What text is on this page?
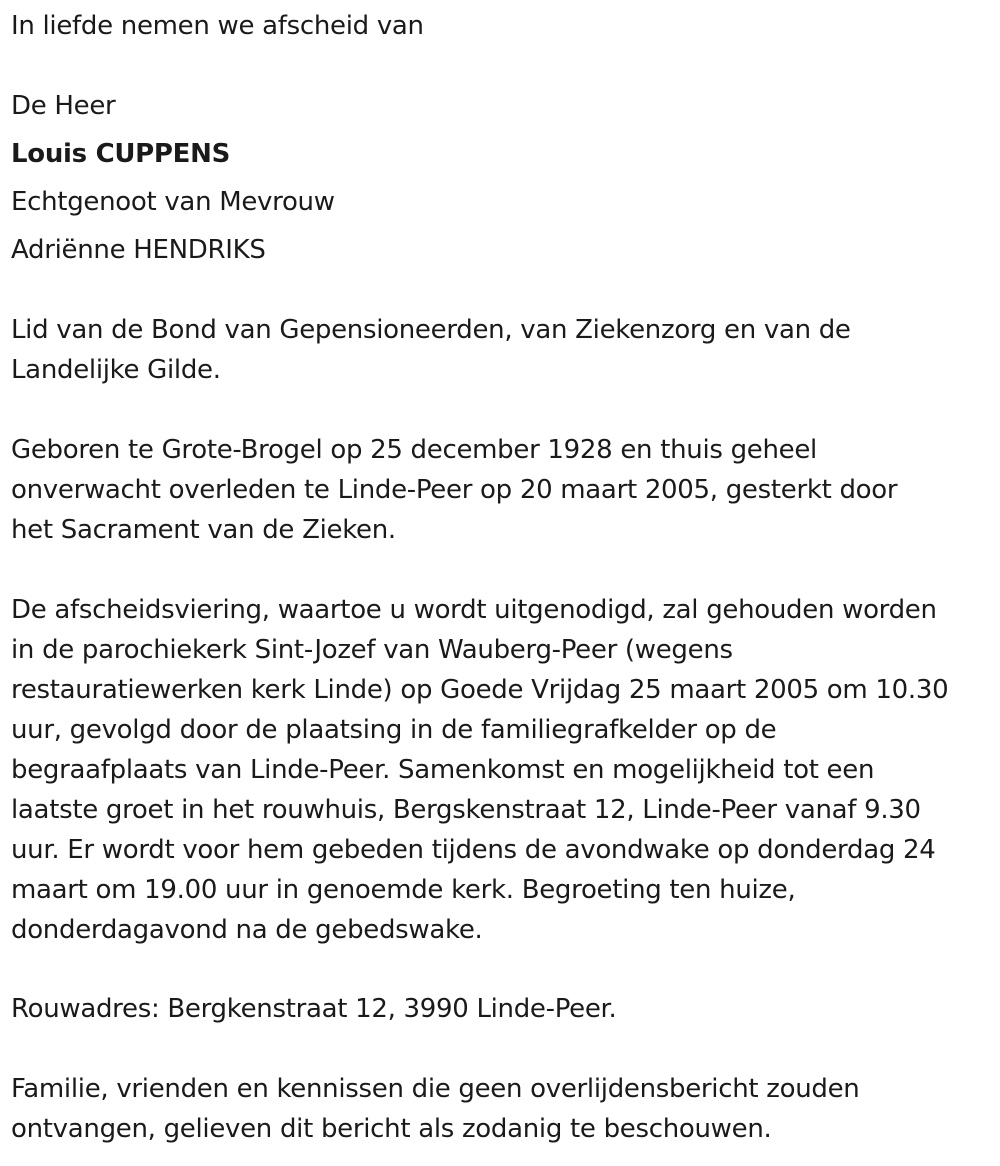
In liefde nemen we afscheid van

De Heer

Louis CUPPENS

Echtgenoot van Mevrouw

Adriënne HENDRIKS

Lid van de Bond van Gepensioneerden, van Ziekenzorg en van de
Landelijke Gilde.

Geboren te Grote-Brogel op 25 december 1928 en thuis geheel
onverwacht overleden te Linde-Peer op 20 maart 2005, gesterkt door
het Sacrament van de Zieken.

De afscheidsviering, waartoe u wordt uitgenodigd, zal gehouden worden
in de parochiekerk Sint-Jozef van Wauberg-Peer (wegens
restauratiewerken kerk Linde) op Goede Vrijdag 25 maart 2005 om 10.30
uur, gevolgd door de plaatsing in de familiegrafkelder op de
begraafplaats van Linde-Peer. Samenkomst en mogelijkheid tot een
laatste groet in het rouwhuis, Bergskenstraat 12, Linde-Peer vanaf 9.30
uur. Er wordt voor hem gebeden tijdens de avondwake op donderdag 24
maart om 19.00 uur in genoemde kerk. Begroeting ten huize,
donderdagavond na de gebedswake.

Rouwadres: Bergkenstraat 12, 3990 Linde-Peer.

Familie, vrienden en kennissen die geen overlijdensbericht zouden
ontvangen, gelieven dit bericht als zodanig te beschouwen.
